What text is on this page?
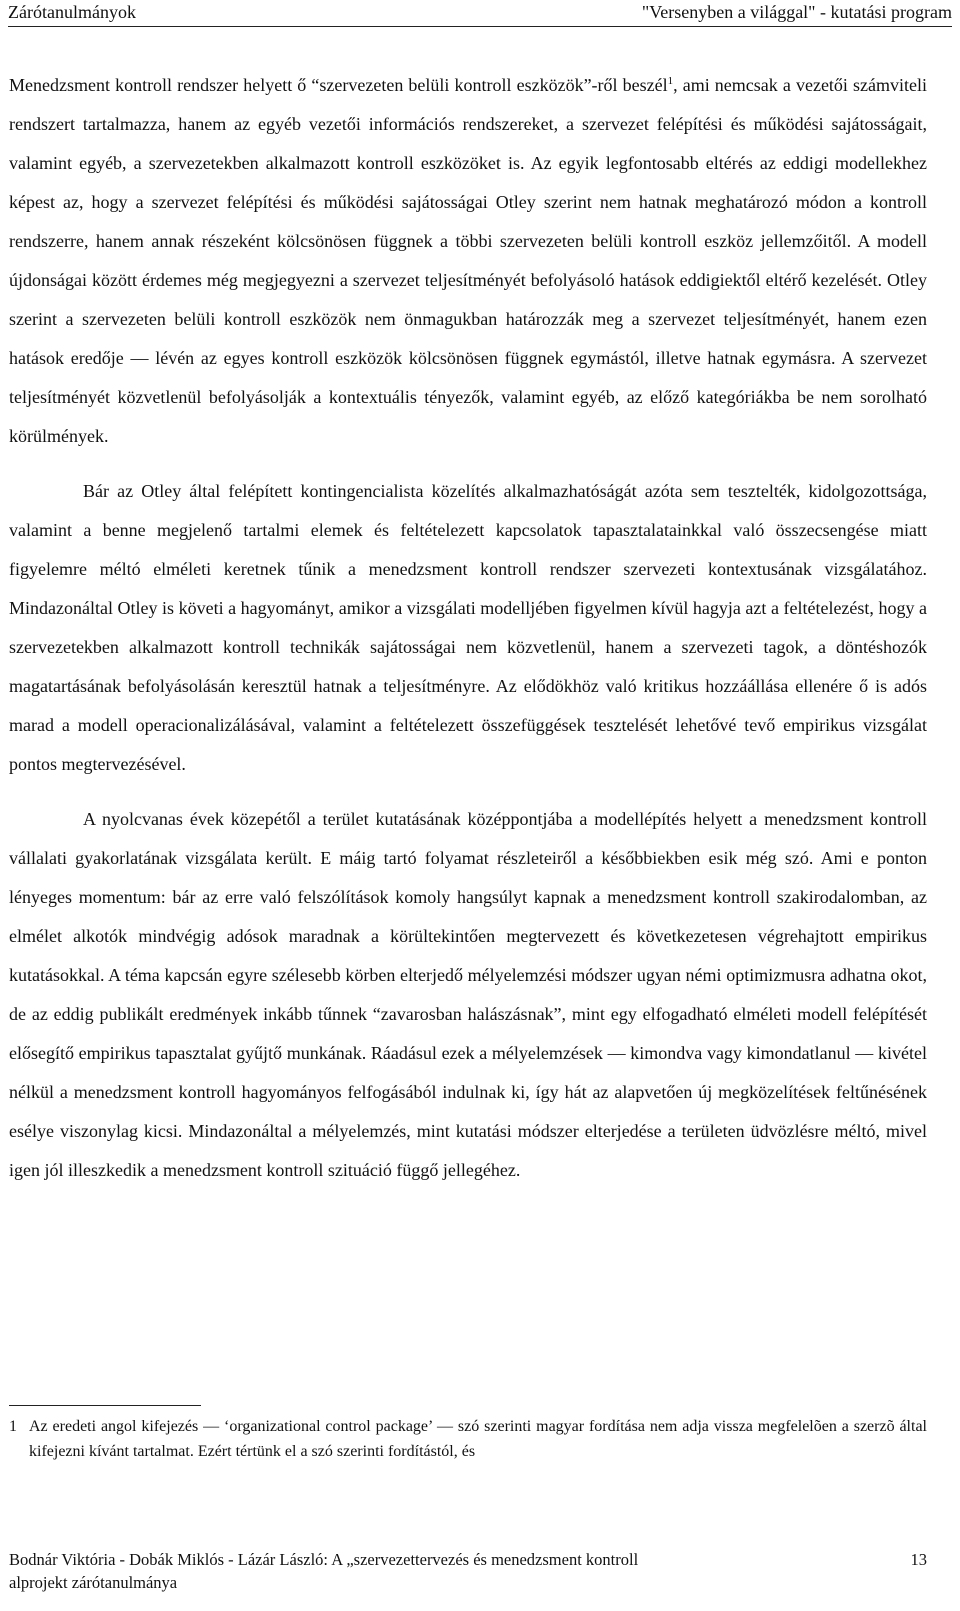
Zárótanulmányok	"Versenyben a világgal" - kutatási program

Menedzsment kontroll rendszer helyett ő “szervezeten belüli kontroll eszközök”-ről beszél$^1$, ami nemcsak a vezetői számviteli rendszert tartalmazza, hanem az egyéb vezetői információs rendszereket, a szervezet felépítési és működési sajátosságait, valamint egyéb, a szervezetekben alkalmazott kontroll eszközöket is. Az egyik legfontosabb eltérés az eddigi modellekhez képest az, hogy a szervezet felépítési és működési sajátosságai Otley szerint nem hatnak meghatározó módon a kontroll rendszerre, hanem annak részeként kölcsönösen függnek a többi szervezeten belüli kontroll eszköz jellemzőitől. A modell újdonságai között érdemes még megjegyezni a szervezet teljesítményét befolyásoló hatások eddigiektől eltérő kezelését. Otley szerint a szervezeten belüli kontroll eszközök nem önmagukban határozzák meg a szervezet teljesítményét, hanem ezen hatások eredője — lévén az egyes kontroll eszközök kölcsönösen függnek egymástól, illetve hatnak egymásra. A szervezet teljesítményét közvetlenül befolyásolják a kontextuális tényezők, valamint egyéb, az előző kategóriákba be nem sorolható körülmények.

Bár az Otley által felépített kontingencialista közelítés alkalmazhatóságát azóta sem tesztelték, kidolgozottsága, valamint a benne megjelenő tartalmi elemek és feltételezett kapcsolatok tapasztalatainkkal való összecsengése miatt figyelemre méltó elméleti keretnek tűnik a menedzsment kontroll rendszer szervezeti kontextusának vizsgálatához. Mindazonáltal Otley is követi a hagyományt, amikor a vizsgálati modelljében figyelmen kívül hagyja azt a feltételezést, hogy a szervezetekben alkalmazott kontroll technikák sajátosságai nem közvetlenül, hanem a szervezeti tagok, a döntéshozók magatartásának befolyásolásán keresztül hatnak a teljesítményre. Az elődökhöz való kritikus hozzáállása ellenére ő is adós marad a modell operacionalizálásával, valamint a feltételezett összefüggések tesztelését lehetővé tevő empirikus vizsgálat pontos megtervezésével.

A nyolcvanas évek közepétől a terület kutatásának középpontjába a modellépítés helyett a menedzsment kontroll vállalati gyakorlatának vizsgálata került. E máig tartó folyamat részleteiről a későbbiekben esik még szó. Ami e ponton lényeges momentum: bár az erre való felszólítások komoly hangsúlyt kapnak a menedzsment kontroll szakirodalomban, az elmélet alkotók mindvégig adósok maradnak a körültekintően megtervezett és következetesen végrehajtott empirikus kutatásokkal. A téma kapcsán egyre szélesebb körben elterjedő mélyelemzési módszer ugyan némi optimizmusra adhatna okot, de az eddig publikált eredmények inkább tűnnek “zavarosban halászásnak”, mint egy elfogadható elméleti modell felépítését elősegítő empirikus tapasztalat gyűjtő munkának. Ráadásul ezek a mélyelemzések — kimondva vagy kimondatlanul — kivétel nélkül a menedzsment kontroll hagyományos felfogásából indulnak ki, így hát az alapvetően új megközelítések feltűnésének esélye viszonylag kicsi. Mindazonáltal a mélyelemzés, mint kutatási módszer elterjedése a területen üdvözlésre méltó, mivel igen jól illeszkedik a menedzsment kontroll szituáció függő jellegéhez.

1 Az eredeti angol kifejezés — ‘organizational control package’ — szó szerinti magyar fordítása nem adja vissza megfelelõen a szerzõ által kifejezni kívánt tartalmat. Ezért tértünk el a szó szerinti fordítástól, és
Bodnár Viktória - Dobák Miklós - Lázár László: A „szervezettervezés és menedzsment kontroll
alprojekt zárótanulmánya
13
